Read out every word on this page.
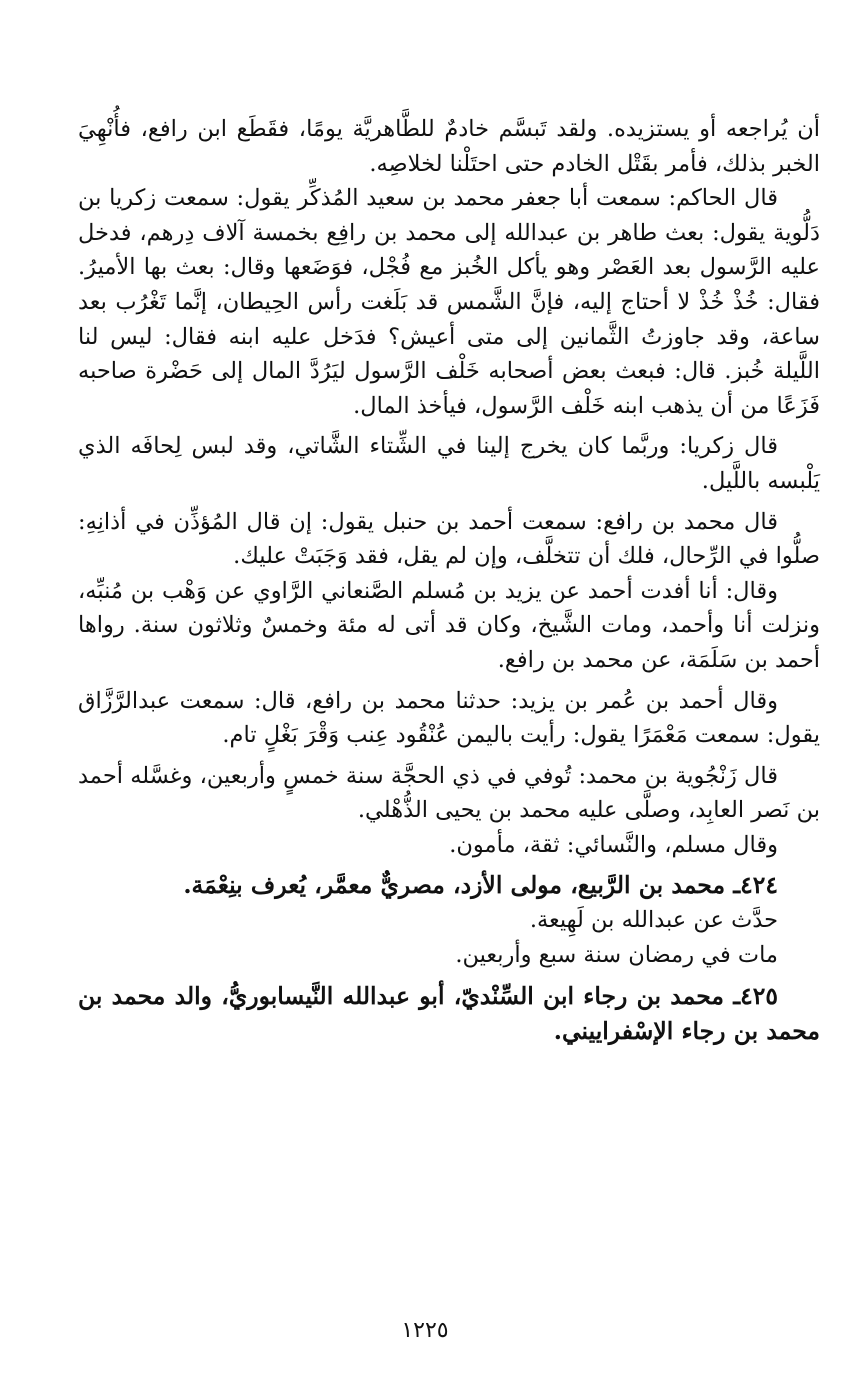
أن يُراجعه أو يستزيده. ولقد تَبسَّم خادمٌ للطَّاهريَّة يومًا، فقَطَع ابن رافع، فأُنْهِيَ الخبر بذلك، فأمر بقَتْل الخادم حتى احتَلْنا لخلاصِه.

قال الحاكم: سمعت أبا جعفر محمد بن سعيد المُذكِّر يقول: سمعت زكريا بن دَلُّوية يقول: بعث طاهر بن عبدالله إلى محمد بن رافِع بخمسة آلاف دِرهم، فدخل عليه الرَّسول بعد العَصْر وهو يأكل الخُبز مع فُجْل، فوَضَعها وقال: بعث بها الأميرُ. فقال: خُذْ خُذْ لا أحتاج إليه، فإنَّ الشَّمس قد بَلَغت رأس الحِيطان، إنَّما تَغْرُب بعد ساعة، وقد جاوزتُ الثَّمانين إلى متى أعيش؟ فدَخل عليه ابنه فقال: ليس لنا اللَّيلة خُبز. قال: فبعث بعض أصحابه خَلْف الرَّسول ليَرُدَّ المال إلى حَضْرة صاحبه فَزَعًا من أن يذهب ابنه خَلْف الرَّسول، فيأخذ المال.

قال زكريا: وربَّما كان يخرج إلينا في الشِّتاء الشَّاتي، وقد لبس لِحافَه الذي يَلْبسه باللَّيل.

قال محمد بن رافع: سمعت أحمد بن حنبل يقول: إن قال المُؤذِّن في أذانِهِ: صلُّوا في الرِّحال، فلك أن تتخلَّف، وإن لم يقل، فقد وَجَبَتْ عليك.

وقال: أنا أفدت أحمد عن يزيد بن مُسلم الصَّنعاني الرَّاوي عن وَهْب بن مُنبِّه، ونزلت أنا وأحمد، ومات الشَّيخ، وكان قد أتى له مئة وخمسٌ وثلاثون سنة. رواها أحمد بن سَلَمَة، عن محمد بن رافع.

وقال أحمد بن عُمر بن يزيد: حدثنا محمد بن رافع، قال: سمعت عبدالرَّزَّاق يقول: سمعت مَعْمَرًا يقول: رأيت باليمن عُنْقُود عِنب وَقْرَ بَغْلٍ تام.

قال زَنْجُوية بن محمد: تُوفي في ذي الحجَّة سنة خمسٍ وأربعين، وغسَّله أحمد بن نَصر العابِد، وصلَّى عليه محمد بن يحيى الذُّهْلي.

وقال مسلم، والنَّسائي: ثقة، مأمون.

٤٢٤ـ محمد بن الرَّبيع، مولى الأزد، مصريٌّ معمَّر، يُعرف بنِعْمَة.

حدَّث عن عبدالله بن لَهِيعة.

مات في رمضان سنة سبع وأربعين.

٤٢٥ـ محمد بن رجاء ابن السِّنْديّ، أبو عبدالله النَّيسابوريُّ، والد محمد بن محمد بن رجاء الإسْفراييني.

١٢٢٥
